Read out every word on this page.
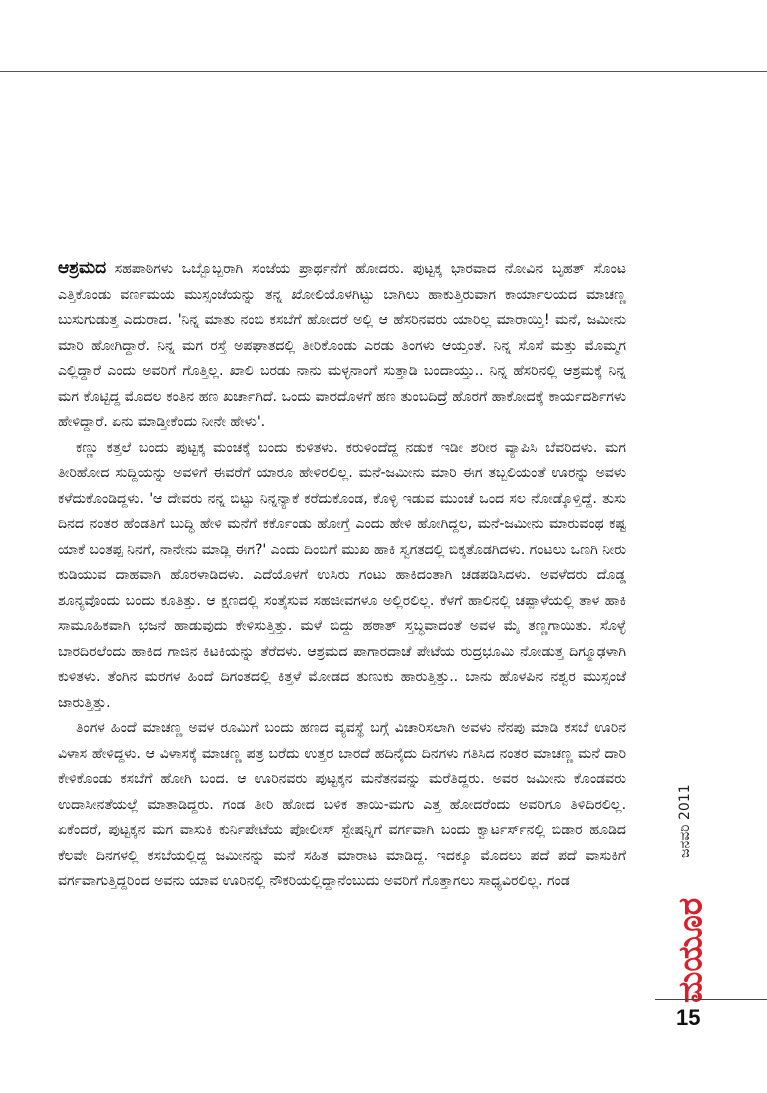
ಆಶ್ರಮದ ಸಹಪಾಠಿಗಳು ಒಬ್ಬೊಬ್ಬರಾಗಿ ಸಂಜೆಯ ಪ್ರಾರ್ಥನೆಗೆ ಹೋದರು. ಪುಟ್ಟಕ್ಕ ಭಾರವಾದ ನೋವಿನ ಬೃಹತ್ ಸೊಂಟ ಎತ್ತಿಕೊಂಡು ವರ್ಣಮಯ ಮುಸ್ಸಂಜೆಯನ್ನು ತನ್ನ ಖೋಲಿಯೊಳಗಿಟ್ಟು ಬಾಗಿಲು ಹಾಕುತ್ತಿರುವಾಗ ಕಾರ್ಯಾಲಯದ ಮಾಚಣ್ಣ ಬುಸುಗುಡುತ್ತ ಎದುರಾದ. 'ನಿನ್ನ ಮಾತು ನಂಬಿ ಕಸಬೆಗೆ ಹೋದರೆ ಅಲ್ಲಿ ಆ ಹೆಸರಿನವರು ಯಾರಿಲ್ಲ ಮಾರಾಯ್ತಿ! ಮನೆ, ಜಮೀನು ಮಾರಿ ಹೋಗಿದ್ದಾರೆ. ನಿನ್ನ ಮಗ ರಸ್ತೆ ಅಪಘಾತದಲ್ಲಿ ತೀರಿಕೊಂಡು ಎರಡು ತಿಂಗಳು ಆಯ್ತಂತೆ. ನಿನ್ನ ಸೊಸೆ ಮತ್ತು ಮೊಮ್ಮಗ ಎಲ್ಲಿದ್ದಾರೆ ಎಂದು ಅವರಿಗೆ ಗೊತ್ತಿಲ್ಲ. ಖಾಲಿ ಬರಡು ನಾನು ಮಳ್ಳನಾಂಗೆ ಸುತ್ತಾಡಿ ಬಂದಾಯ್ತು.. ನಿನ್ನ ಹೆಸರಿನಲ್ಲಿ ಆಶ್ರಮಕ್ಕೆ ನಿನ್ನ ಮಗ ಕೊಟ್ಟಿದ್ದ ಮೊದಲ ಕಂತಿನ ಹಣ ಖರ್ಚಾಗಿದೆ. ಒಂದು ವಾರದೊಳಗೆ ಹಣ ತುಂಬದಿದ್ರೆ ಹೊರಗೆ ಹಾಕೋದಕ್ಕೆ ಕಾರ್ಯದರ್ಶಿಗಳು ಹೇಳಿದ್ದಾರೆ. ಏನು ಮಾಡ್ತೀಕೆಂದು ನೀನೇ ಹೇಳು'.

ಕಣ್ಣು ಕತ್ತಲೆ ಬಂದು ಪುಟ್ಟಕ್ಕ ಮಂಚಕ್ಕೆ ಬಂದು ಕುಳಿತಳು. ಕರುಳಿಂದೆದ್ದ ನಡುಕ ಇಡೀ ಶರೀರ ವ್ಯಾಪಿಸಿ ಬೆವರಿದಳು. ಮಗ ತೀರಿಹೋದ ಸುದ್ದಿಯನ್ನು ಅವಳಿಗೆ ಈವರೆಗೆ ಯಾರೂ ಹೇಳಿರಲಿಲ್ಲ. ಮನೆ-ಜಮೀನು ಮಾರಿ ಈಗ ತಬ್ಬಲಿಯಂತೆ ಊರನ್ನು ಅವಳು ಕಳೆದುಕೊಂಡಿದ್ದಳು. 'ಆ ದೇವರು ನನ್ನ ಬಿಟ್ಟು ನಿನ್ನನ್ಯಾಕೆ ಕರೆದುಕೊಂಡ, ಕೊಳ್ಳಿ ಇಡುವ ಮುಂಚೆ ಒಂದ ಸಲ ನೋಡ್ಕೊಳ್ತಿದ್ದೆ. ತುಸು ದಿನದ ನಂತರ ಹೆಂಡತಿಗೆ ಬುದ್ಧಿ ಹೇಳಿ ಮನೆಗೆ ಕರ್ಕೊಂಡು ಹೋಗ್ತೆ ಎಂದು ಹೇಳಿ ಹೋಗಿದ್ದಲ, ಮನೆ-ಜಮೀನು ಮಾರುವಂಥ ಕಷ್ಟ ಯಾಕೆ ಬಂತಪ್ಪ ನಿನಗೆ, ನಾನೇನು ಮಾಡ್ಲಿ ಈಗ?' ಎಂದು ದಿಂಬಿಗೆ ಮುಖ ಹಾಕಿ ಸ್ವಗತದಲ್ಲಿ ಬಿಕ್ಕತೊಡಗಿದಳು. ಗಂಟಲು ಒಣಗಿ ನೀರು ಕುಡಿಯುವ ದಾಹವಾಗಿ ಹೊರಳಾಡಿದಳು. ಎದೆಯೊಳಗೆ ಉಸಿರು ಗಂಟು ಹಾಕಿದಂತಾಗಿ ಚಡಪಡಿಸಿದಳು. ಅವಳೆದರು ದೊಡ್ಡ ಶೂನ್ಯವೊಂದು ಬಂದು ಕೂತಿತ್ತು. ಆ ಕ್ಷಣದಲ್ಲಿ ಸಂತೈಸುವ ಸಹಜೀವಗಳೂ ಅಲ್ಲಿರಲಿಲ್ಲ. ಕೆಳಗೆ ಹಾಲಿನಲ್ಲಿ ಚಪ್ಪಾಳೆಯಲ್ಲಿ ತಾಳ ಹಾಕಿ ಸಾಮೂಹಿಕವಾಗಿ ಭಜನೆ ಹಾಡುವುದು ಕೇಳಿಸುತ್ತಿತ್ತು. ಮಳೆ ಬಿದ್ದು ಹಠಾತ್ ಸ್ತಬ್ಧವಾದಂತೆ ಅವಳ ಮೈ ತಣ್ಣಗಾಯಿತು. ಸೊಳ್ಳೆ ಬಾರದಿರಲೆಂದು ಹಾಕಿದ ಗಾಜಿನ ಕಿಟಕಿಯನ್ನು ತೆರೆದಳು. ಆಶ್ರಮದ ಪಾಗಾರದಾಚೆ ಪೇಟೆಯ ರುದ್ರಭೂಮಿ ನೋಡುತ್ತ ದಿಗ್ಮೂಢಳಾಗಿ ಕುಳಿತಳು. ತೆಂಗಿನ ಮರಗಳ ಹಿಂದೆ ದಿಗಂತದಲ್ಲಿ ಕಿತ್ತಳೆ ಮೋಡದ ತುಣುಕು ಹಾರುತ್ತಿತ್ತು.. ಬಾನು ಹೊಳಪಿನ ನಶ್ವರ ಮುಸ್ಸಂಜೆ ಜಾರುತ್ತಿತ್ತು.

ತಿಂಗಳ ಹಿಂದೆ ಮಾಚಣ್ಣ ಅವಳ ರೂಮಿಗೆ ಬಂದು ಹಣದ ವ್ಯವಸ್ಥೆ ಬಗ್ಗೆ ವಿಚಾರಿಸಲಾಗಿ ಅವಳು ನೆನಪು ಮಾಡಿ ಕಸಬೆ ಊರಿನ ವಿಳಾಸ ಹೇಳಿದ್ದಳು. ಆ ವಿಳಾಸಕ್ಕೆ ಮಾಚಣ್ಣ ಪತ್ರ ಬರೆದು ಉತ್ತರ ಬಾರದೆ ಹದಿನೈದು ದಿನಗಳು ಗತಿಸಿದ ನಂತರ ಮಾಚಣ್ಣ ಮನೆ ದಾರಿ ಕೇಳಿಕೊಂಡು ಕಸಬೆಗೆ ಹೋಗಿ ಬಂದ. ಆ ಊರಿನವರು ಪುಟ್ಟಕ್ಕನ ಮನೆತನವನ್ನು ಮರೆತಿದ್ದರು. ಅವರ ಜಮೀನು ಕೊಂಡವರು ಉದಾಸೀನತೆಯಲ್ಲೆ ಮಾತಾಡಿದ್ದರು. ಗಂಡ ತೀರಿ ಹೋದ ಬಳಿಕ ತಾಯಿ-ಮಗು ಎತ್ತ ಹೋದರೆಂದು ಅವರಿಗೂ ತಿಳಿದಿರಲಿಲ್ಲ. ಏಕೆಂದರೆ, ಪುಟ್ಟಕ್ಕನ ಮಗ ವಾಸುಕಿ ಕುರ್ನಿಪೇಟೆಯ ಪೋಲೀಸ್ ಸ್ಟೇಷನ್ನಿಗೆ ವರ್ಗವಾಗಿ ಬಂದು ಕ್ವಾರ್ಟರ್ಸ್‌ನಲ್ಲಿ ಬಿಡಾರ ಹೂಡಿದ ಕೆಲವೇ ದಿನಗಳಲ್ಲಿ ಕಸಬೆಯಲ್ಲಿದ್ದ ಜಮೀನನ್ನು ಮನೆ ಸಹಿತ ಮಾರಾಟ ಮಾಡಿದ್ದ. ಇದಕ್ಕೂ ಮೊದಲು ಪದೆ ಪದೆ ವಾಸುಕಿಗೆ ವರ್ಗವಾಗುತ್ತಿದ್ದರಿಂದ ಅವನು ಯಾವ ಊರಿನಲ್ಲಿ ನೌಕರಿಯಲ್ಲಿದ್ದಾನೆಂಬುದು ಅವರಿಗೆ ಗೊತ್ತಾಗಲು ಸಾಧ್ಯವಿರಲಿಲ್ಲ. ಗಂಡ

ಜನವರಿ 2011
ಮಯೂರ
15
